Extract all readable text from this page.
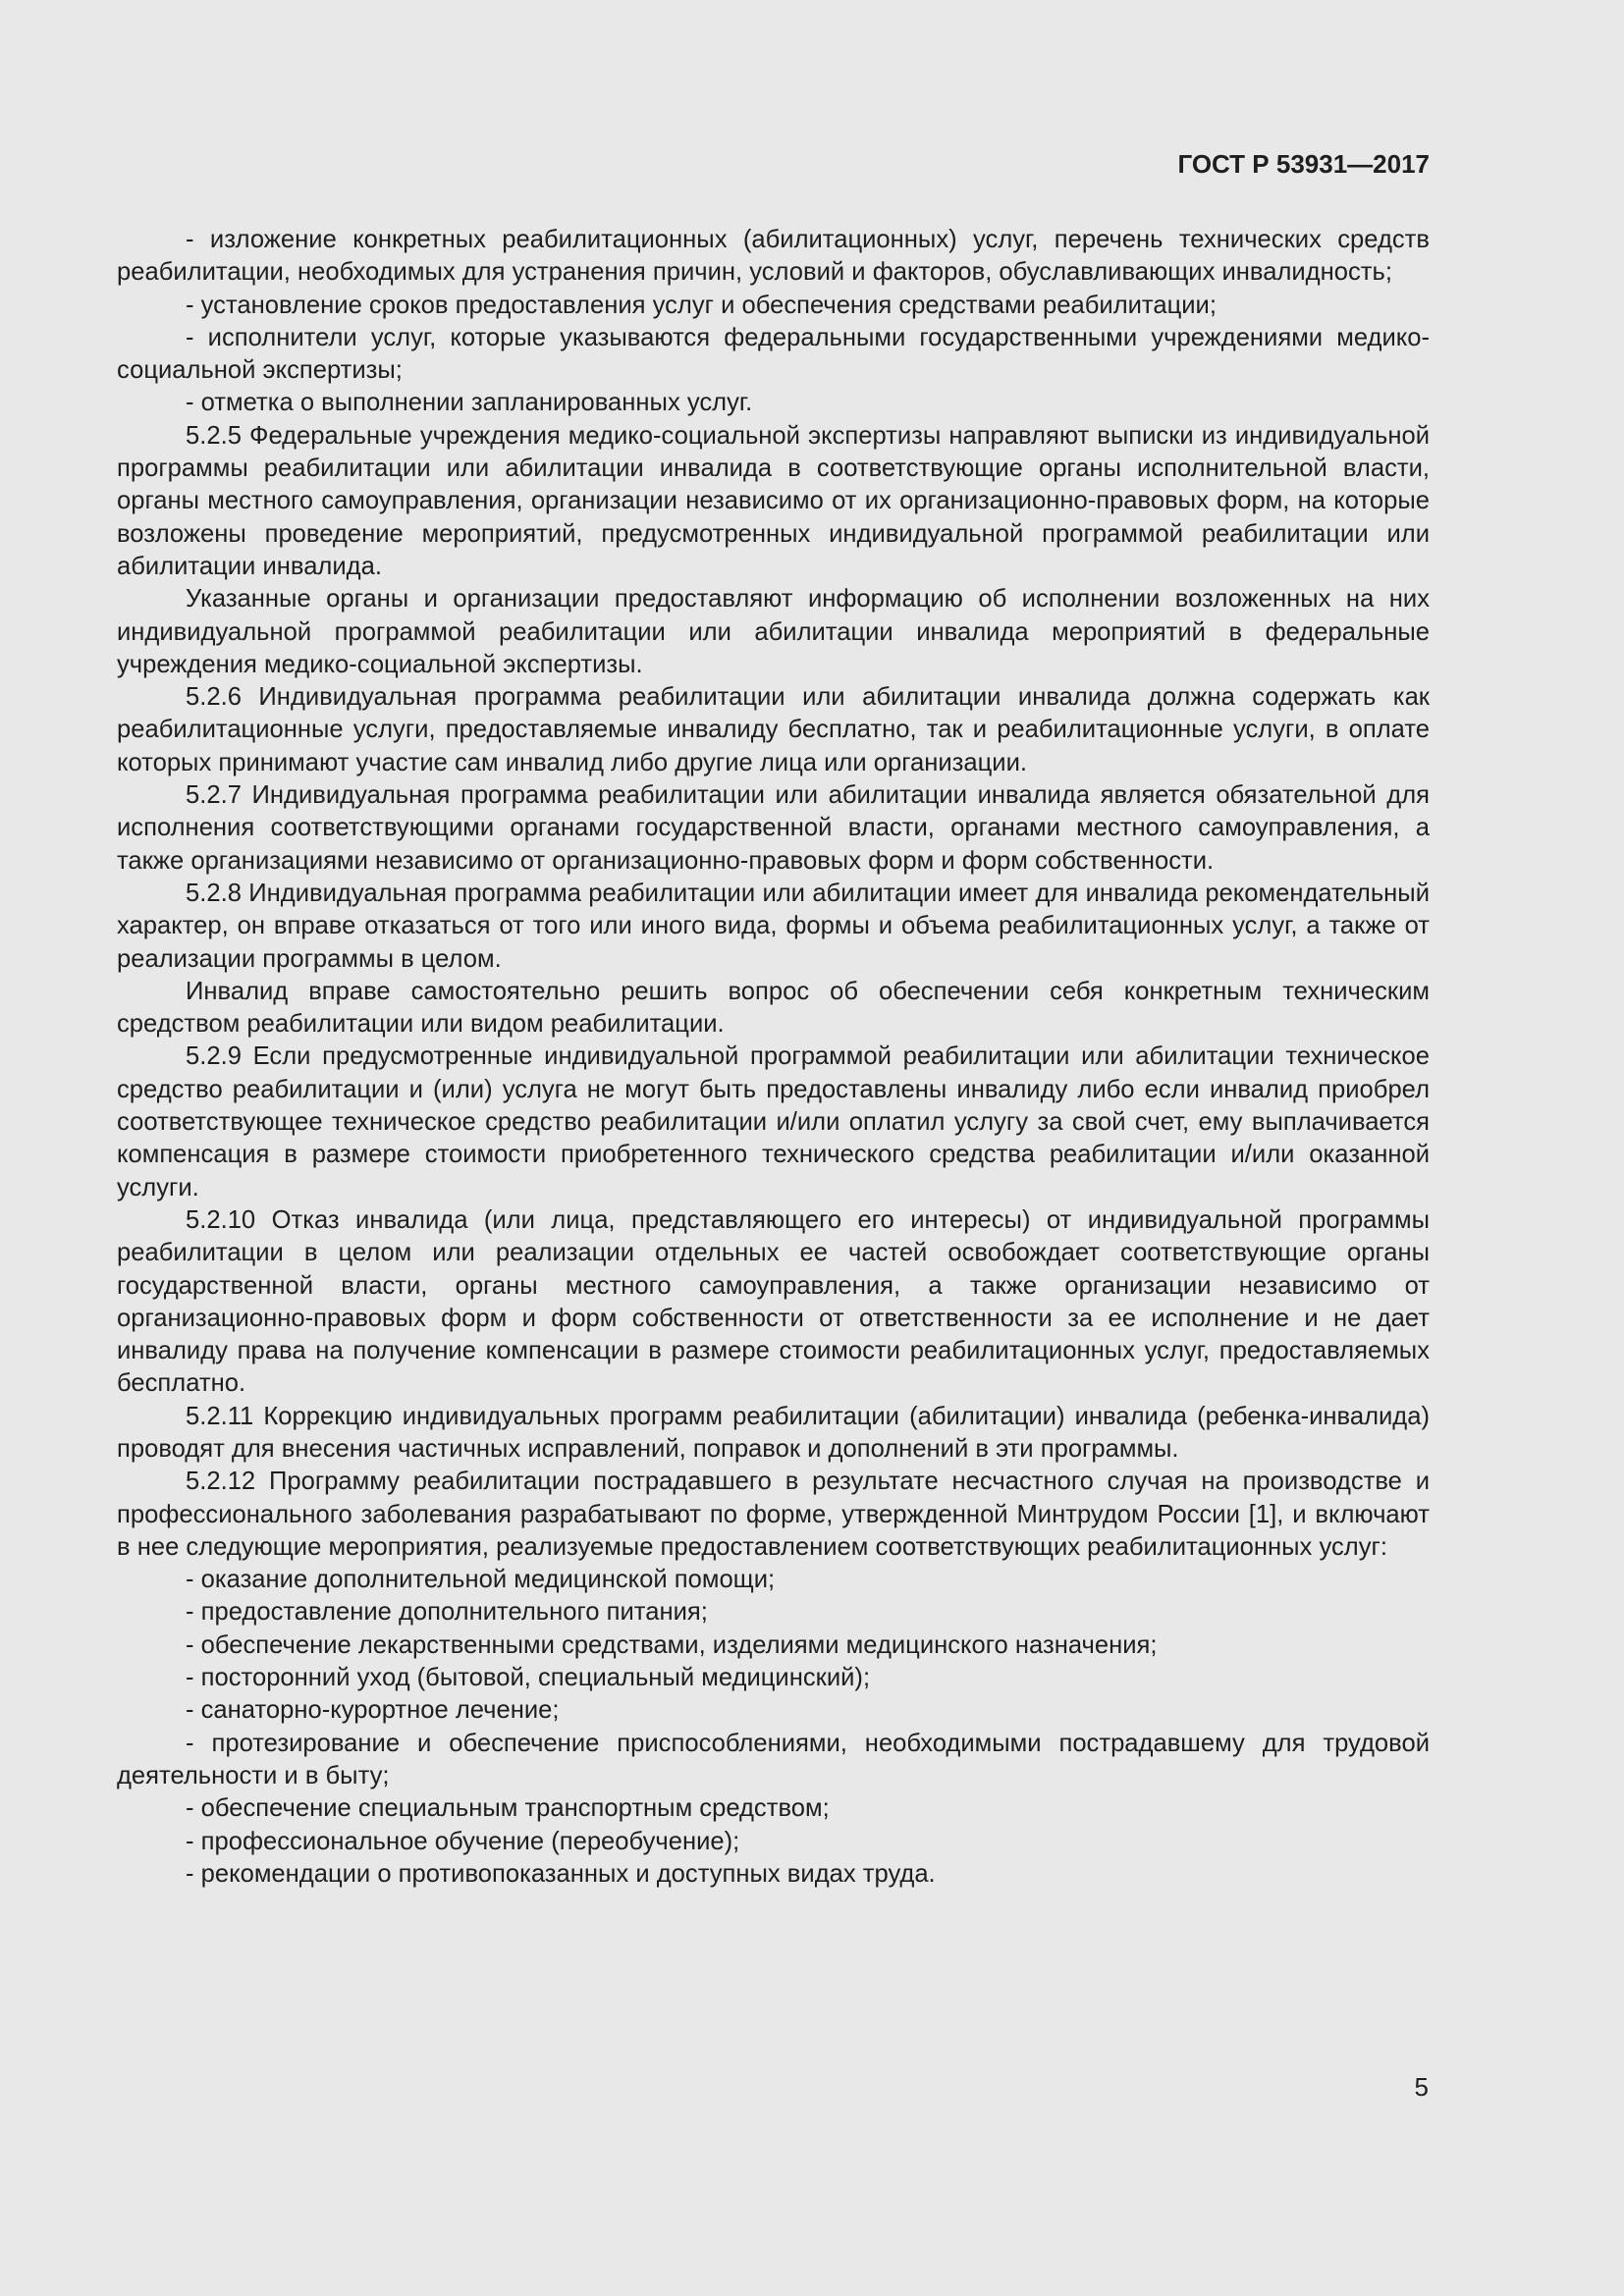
ГОСТ Р 53931—2017

- изложение конкретных реабилитационных (абилитационных) услуг, перечень технических средств реабилитации, необходимых для устранения причин, условий и факторов, обуславливающих инвалидность;

- установление сроков предоставления услуг и обеспечения средствами реабилитации;

- исполнители услуг, которые указываются федеральными государственными учреждениями медико-социальной экспертизы;

- отметка о выполнении запланированных услуг.

5.2.5 Федеральные учреждения медико-социальной экспертизы направляют выписки из индивидуальной программы реабилитации или абилитации инвалида в соответствующие органы исполнительной власти, органы местного самоуправления, организации независимо от их организационно-правовых форм, на которые возложены проведение мероприятий, предусмотренных индивидуальной программой реабилитации или абилитации инвалида.

Указанные органы и организации предоставляют информацию об исполнении возложенных на них индивидуальной программой реабилитации или абилитации инвалида мероприятий в федеральные учреждения медико-социальной экспертизы.

5.2.6 Индивидуальная программа реабилитации или абилитации инвалида должна содержать как реабилитационные услуги, предоставляемые инвалиду бесплатно, так и реабилитационные услуги, в оплате которых принимают участие сам инвалид либо другие лица или организации.

5.2.7 Индивидуальная программа реабилитации или абилитации инвалида является обязательной для исполнения соответствующими органами государственной власти, органами местного самоуправления, а также организациями независимо от организационно-правовых форм и форм собственности.

5.2.8 Индивидуальная программа реабилитации или абилитации имеет для инвалида рекомендательный характер, он вправе отказаться от того или иного вида, формы и объема реабилитационных услуг, а также от реализации программы в целом.

Инвалид вправе самостоятельно решить вопрос об обеспечении себя конкретным техническим средством реабилитации или видом реабилитации.

5.2.9 Если предусмотренные индивидуальной программой реабилитации или абилитации техническое средство реабилитации и (или) услуга не могут быть предоставлены инвалиду либо если инвалид приобрел соответствующее техническое средство реабилитации и/или оплатил услугу за свой счет, ему выплачивается компенсация в размере стоимости приобретенного технического средства реабилитации и/или оказанной услуги.

5.2.10 Отказ инвалида (или лица, представляющего его интересы) от индивидуальной программы реабилитации в целом или реализации отдельных ее частей освобождает соответствующие органы государственной власти, органы местного самоуправления, а также организации независимо от организационно-правовых форм и форм собственности от ответственности за ее исполнение и не дает инвалиду права на получение компенсации в размере стоимости реабилитационных услуг, предоставляемых бесплатно.

5.2.11 Коррекцию индивидуальных программ реабилитации (абилитации) инвалида (ребенка-инвалида) проводят для внесения частичных исправлений, поправок и дополнений в эти программы.

5.2.12 Программу реабилитации пострадавшего в результате несчастного случая на производстве и профессионального заболевания разрабатывают по форме, утвержденной Минтрудом России [1], и включают в нее следующие мероприятия, реализуемые предоставлением соответствующих реабилитационных услуг:

- оказание дополнительной медицинской помощи;

- предоставление дополнительного питания;

- обеспечение лекарственными средствами, изделиями медицинского назначения;

- посторонний уход (бытовой, специальный медицинский);

- санаторно-курортное лечение;

- протезирование и обеспечение приспособлениями, необходимыми пострадавшему для трудовой деятельности и в быту;

- обеспечение специальным транспортным средством;

- профессиональное обучение (переобучение);

- рекомендации о противопоказанных и доступных видах труда.

5
